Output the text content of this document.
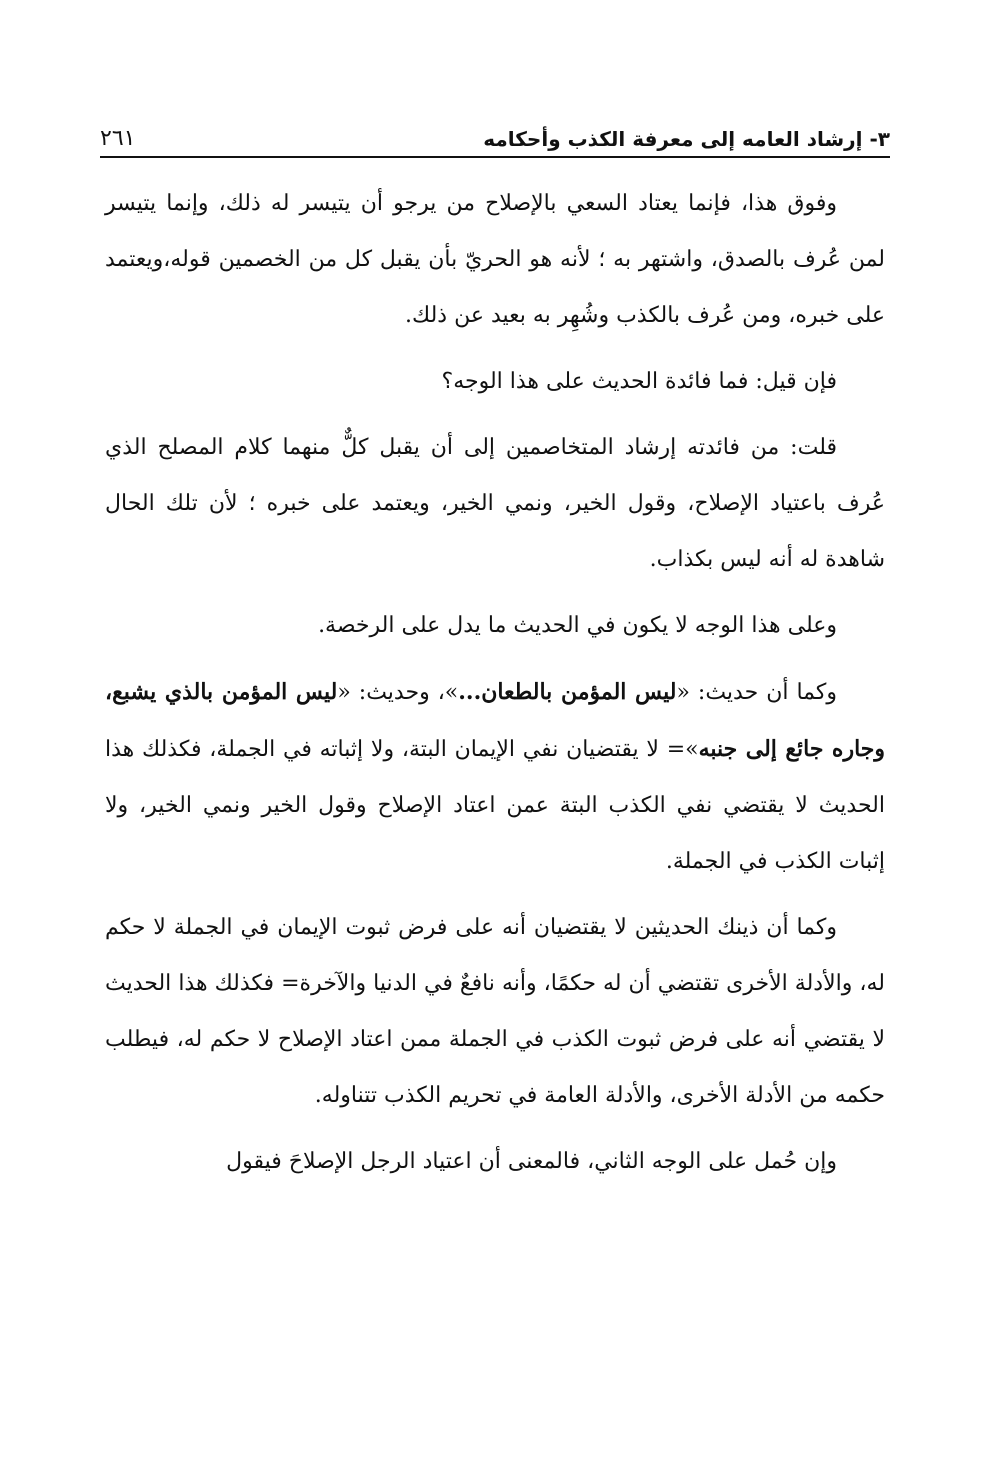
٣- إرشاد العامه إلى معرفة الكذب وأحكامه
٢٦١

وفوق هذا، فإنما يعتاد السعي بالإصلاح من يرجو أن يتيسر له ذلك، وإنما يتيسر لمن عُرف بالصدق، واشتهر به ؛ لأنه هو الحريّ بأن يقبل كل من الخصمين قوله،ويعتمد على خبره، ومن عُرف بالكذب وشُهِر به بعيد عن ذلك.

فإن قيل: فما فائدة الحديث على هذا الوجه؟

قلت: من فائدته إرشاد المتخاصمين إلى أن يقبل كلٌّ منهما كلام المصلح الذي عُرف باعتياد الإصلاح، وقول الخير، ونمي الخير، ويعتمد على خبره ؛ لأن تلك الحال شاهدة له أنه ليس بكذاب.

وعلى هذا الوجه لا يكون في الحديث ما يدل على الرخصة.

وكما أن حديث: «ليس المؤمن بالطعان...»، وحديث: «ليس المؤمن بالذي يشبع، وجاره جائع إلى جنبه»= لا يقتضيان نفي الإيمان البتة، ولا إثباته في الجملة، فكذلك هذا الحديث لا يقتضي نفي الكذب البتة عمن اعتاد الإصلاح وقول الخير ونمي الخير، ولا إثبات الكذب في الجملة.

وكما أن ذينك الحديثين لا يقتضيان أنه على فرض ثبوت الإيمان في الجملة لا حكم له، والأدلة الأخرى تقتضي أن له حكمًا، وأنه نافعٌ في الدنيا والآخرة= فكذلك هذا الحديث لا يقتضي أنه على فرض ثبوت الكذب في الجملة ممن اعتاد الإصلاح لا حكم له، فيطلب حكمه من الأدلة الأخرى، والأدلة العامة في تحريم الكذب تتناوله.

وإن حُمل على الوجه الثاني، فالمعنى أن اعتياد الرجل الإصلاحَ فيقول
